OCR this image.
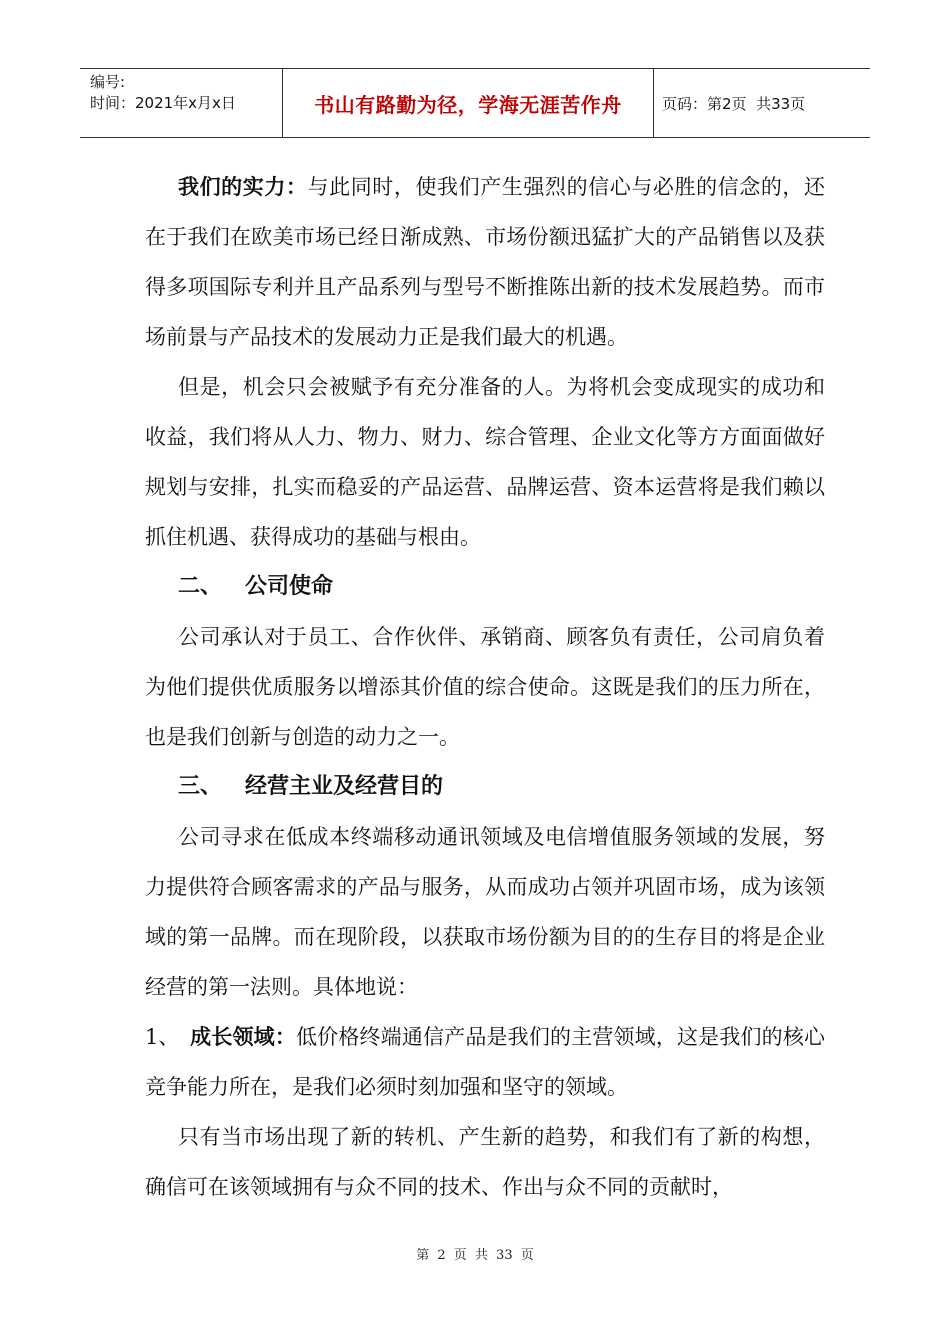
编号:
时间：2021年x月x日	书山有路勤为径，学海无涯苦作舟	页码：第2页  共33页

我们的实力：与此同时，使我们产生强烈的信心与必胜的信念的，还在于我们在欧美市场已经日渐成熟、市场份额迅猛扩大的产品销售以及获得多项国际专利并且产品系列与型号不断推陈出新的技术发展趋势。而市场前景与产品技术的发展动力正是我们最大的机遇。

但是，机会只会被赋予有充分准备的人。为将机会变成现实的成功和收益，我们将从人力、物力、财力、综合管理、企业文化等方方面面做好规划与安排，扎实而稳妥的产品运营、品牌运营、资本运营将是我们赖以抓住机遇、获得成功的基础与根由。

二、 公司使命

公司承认对于员工、合作伙伴、承销商、顾客负有责任，公司肩负着为他们提供优质服务以增添其价值的综合使命。这既是我们的压力所在，也是我们创新与创造的动力之一。

三、 经营主业及经营目的

公司寻求在低成本终端移动通讯领域及电信增值服务领域的发展，努力提供符合顾客需求的产品与服务，从而成功占领并巩固市场，成为该领域的第一品牌。而在现阶段，以获取市场份额为目的的生存目的将是企业经营的第一法则。具体地说：

1、 成长领域：低价格终端通信产品是我们的主营领域，这是我们的核心竞争能力所在，是我们必须时刻加强和坚守的领域。

只有当市场出现了新的转机、产生新的趋势，和我们有了新的构想，确信可在该领域拥有与众不同的技术、作出与众不同的贡献时，

第 2 页 共 33 页
